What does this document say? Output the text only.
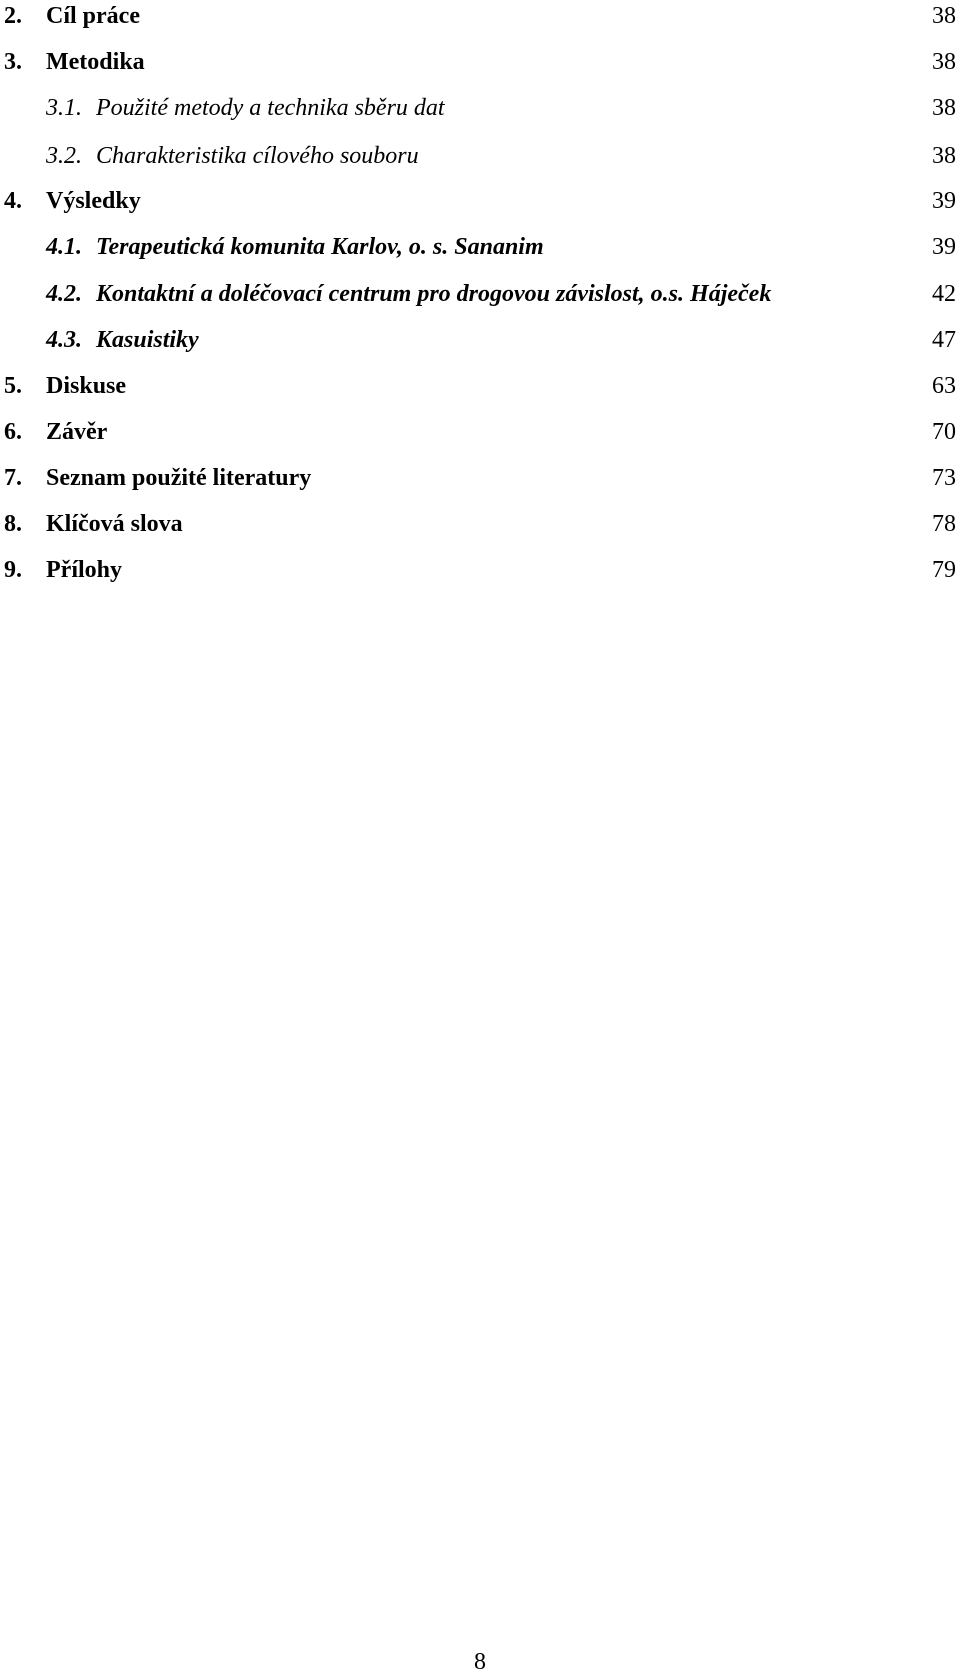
2. Cíl práce	38
3. Metodika	38
3.1. Použité metody a technika sběru dat	38
3.2. Charakteristika cílového souboru	38
4. Výsledky	39
4.1. Terapeutická komunita Karlov, o. s. Sananim	39
4.2. Kontaktní a doléčovací centrum pro drogovou závislost, o.s. Háječek	42
4.3. Kasuistiky	47
5. Diskuse	63
6. Závěr	70
7. Seznam použité literatury	73
8. Klíčová slova	78
9. Přílohy	79
8
